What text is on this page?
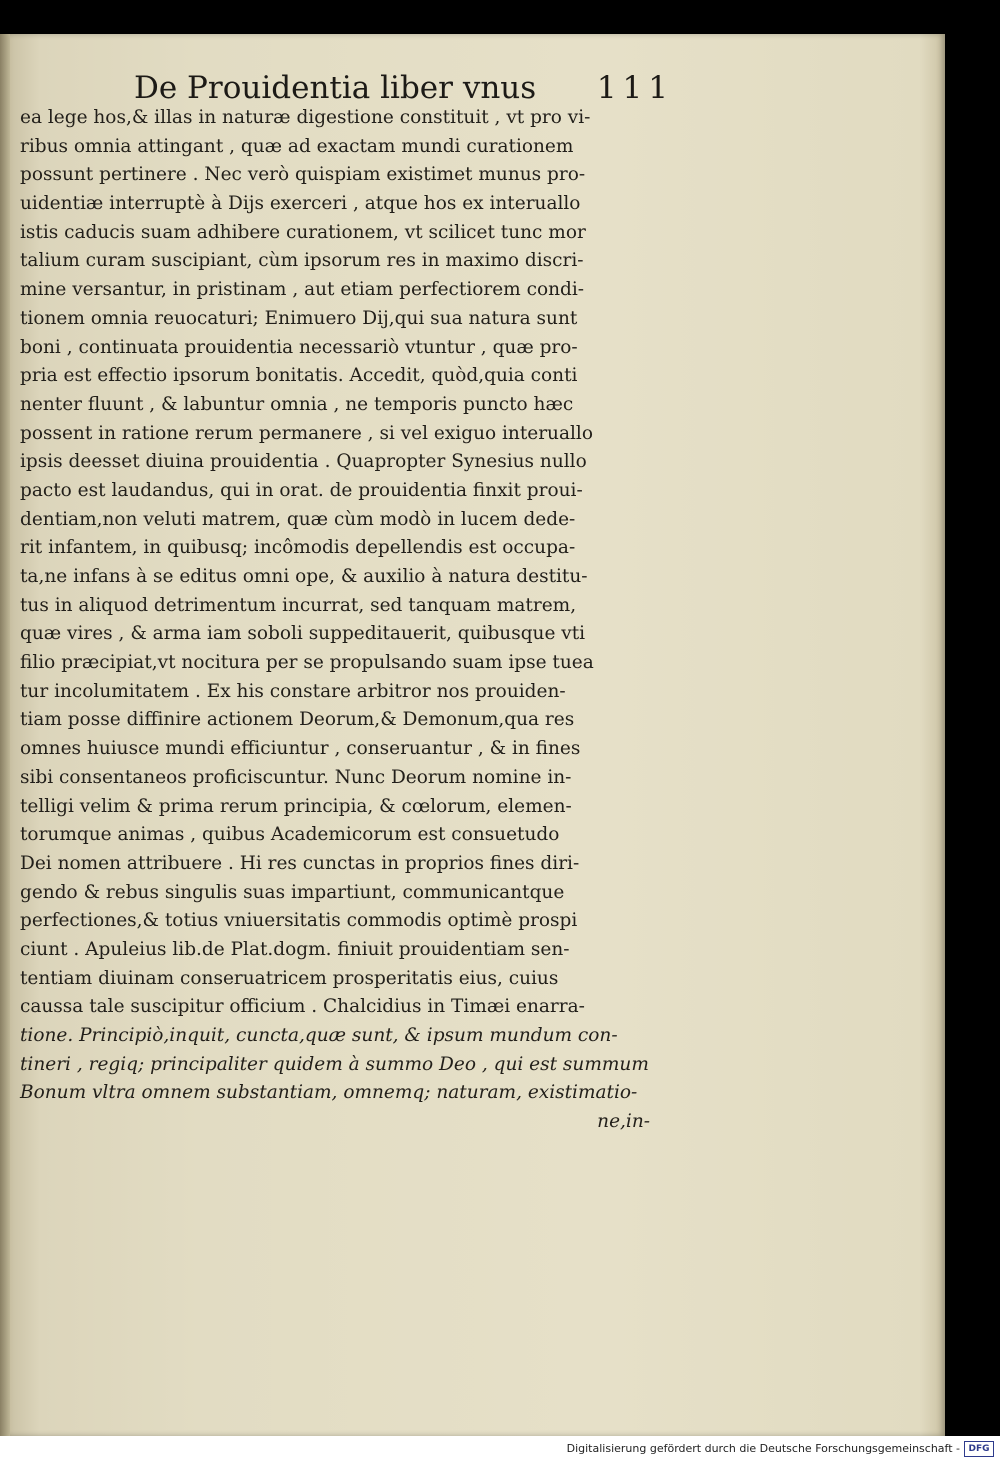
De Prouidentia liber vnus 111
ea lege hos,& illas in naturæ digestione constituit , vt pro vi-
ribus omnia attingant , quæ ad exactam mundi curationem
possunt pertinere . Nec verò quispiam existimet munus pro-
uidentiæ interruptè à Dijs exerceri , atque hos ex interuallo
istis caducis suam adhibere curationem, vt scilicet tunc mor
talium curam suscipiant, cùm ipsorum res in maximo discri-
mine versantur, in pristinam , aut etiam perfectiorem condi-
tionem omnia reuocaturi; Enimuero Dij,qui sua natura sunt
boni , continuata prouidentia necessariò vtuntur , quæ pro-
pria est effectio ipsorum bonitatis. Accedit, quòd,quia conti
nenter fluunt , & labuntur omnia , ne temporis puncto hæc
possent in ratione rerum permanere , si vel exiguo interuallo
ipsis deesset diuina prouidentia . Quapropter Synesius nullo
pacto est laudandus, qui in orat. de prouidentia finxit proui-
dentiam,non veluti matrem, quæ cùm modò in lucem dede-
rit infantem, in quibusq; incômodis depellendis est occupa-
ta,ne infans à se editus omni ope, & auxilio à natura destitu-
tus in aliquod detrimentum incurrat, sed tanquam matrem,
quæ vires , & arma iam soboli suppeditauerit, quibusque vti
filio præcipiat,vt nocitura per se propulsando suam ipse tuea
tur incolumitatem . Ex his constare arbitror nos prouiden-
tiam posse diffinire actionem Deorum,& Demonum,qua res
omnes huiusce mundi efficiuntur , conseruantur , & in fines
sibi consentaneos proficiscuntur. Nunc Deorum nomine in-
telligi velim & prima rerum principia, & cœlorum, elemen-
torumque animas , quibus Academicorum est consuetudo
Dei nomen attribuere . Hi res cunctas in proprios fines diri-
gendo & rebus singulis suas impartiunt, communicantque
perfectiones,& totius vniuersitatis commodis optimè prospi
ciunt . Apuleius lib.de Plat.dogm. finiuit prouidentiam sen-
tentiam diuinam conseruatricem prosperitatis eius, cuius
caussa tale suscipitur officium . Chalcidius in Timæi enarra-
tione. Principiò,inquit, cuncta,quæ sunt, & ipsum mundum con-
tineri , regiq; principaliter quidem à summo Deo , qui est summum
Bonum vltra omnem substantiam, omnemq; naturam, existimatio-
ne,in-
Digitalisierung gefördert durch die Deutsche Forschungsgemeinschaft - DFG
